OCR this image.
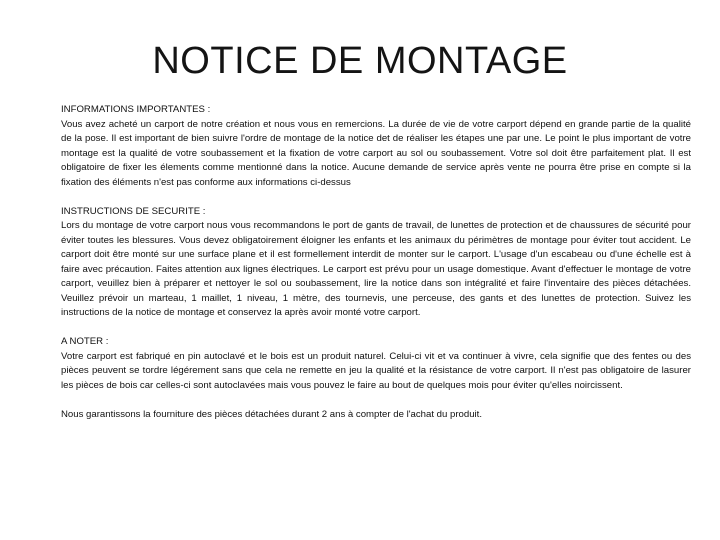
NOTICE DE MONTAGE
INFORMATIONS IMPORTANTES :
Vous avez acheté un carport de notre création et nous vous en remercions. La durée de vie de votre carport dépend en grande partie de la qualité de la pose. Il est important de bien suivre l'ordre de montage de la notice det de réaliser les étapes une par une. Le point le plus important de votre montage est la qualité de votre soubassement et la fixation de votre carport au sol ou soubassement. Votre sol doit être parfaitement plat. Il est obligatoire de fixer les élements comme mentionné dans la notice. Aucune demande de service après vente ne pourra être prise en compte si la fixation des éléments n'est pas conforme aux informations ci-dessus
INSTRUCTIONS DE SECURITE :
Lors du montage de votre carport nous vous recommandons le port de gants de travail, de lunettes de protection et de chaussures de sécurité pour éviter toutes les blessures. Vous devez obligatoirement éloigner les enfants et les animaux du périmètres de montage pour éviter tout accident. Le carport doit être monté sur une surface plane et il est formellement interdit de monter sur le carport. L'usage d'un escabeau ou d'une échelle est à faire avec précaution. Faites attention aux lignes électriques. Le carport est prévu pour un usage domestique. Avant d'effectuer le montage de votre carport, veuillez bien à préparer et nettoyer le sol ou soubassement, lire la notice dans son intégralité et faire l'inventaire des pièces détachées. Veuillez prévoir un marteau, 1 maillet, 1 niveau, 1 mètre, des tournevis, une perceuse, des gants et des lunettes de protection. Suivez les instructions de la notice de montage et conservez la après avoir monté votre carport.
A NOTER :
Votre carport est fabriqué en pin autoclavé et le bois est un produit naturel. Celui-ci vit et va continuer à vivre, cela signifie que des fentes ou des pièces peuvent se tordre légérement sans que cela ne remette en jeu la qualité et la résistance de votre carport. Il n'est pas obligatoire de lasurer les pièces de bois car celles-ci sont autoclavées mais vous pouvez le faire au bout de quelques mois pour éviter qu'elles noircissent.

Nous garantissons la fourniture des pièces détachées durant 2 ans à compter de l'achat du produit.
